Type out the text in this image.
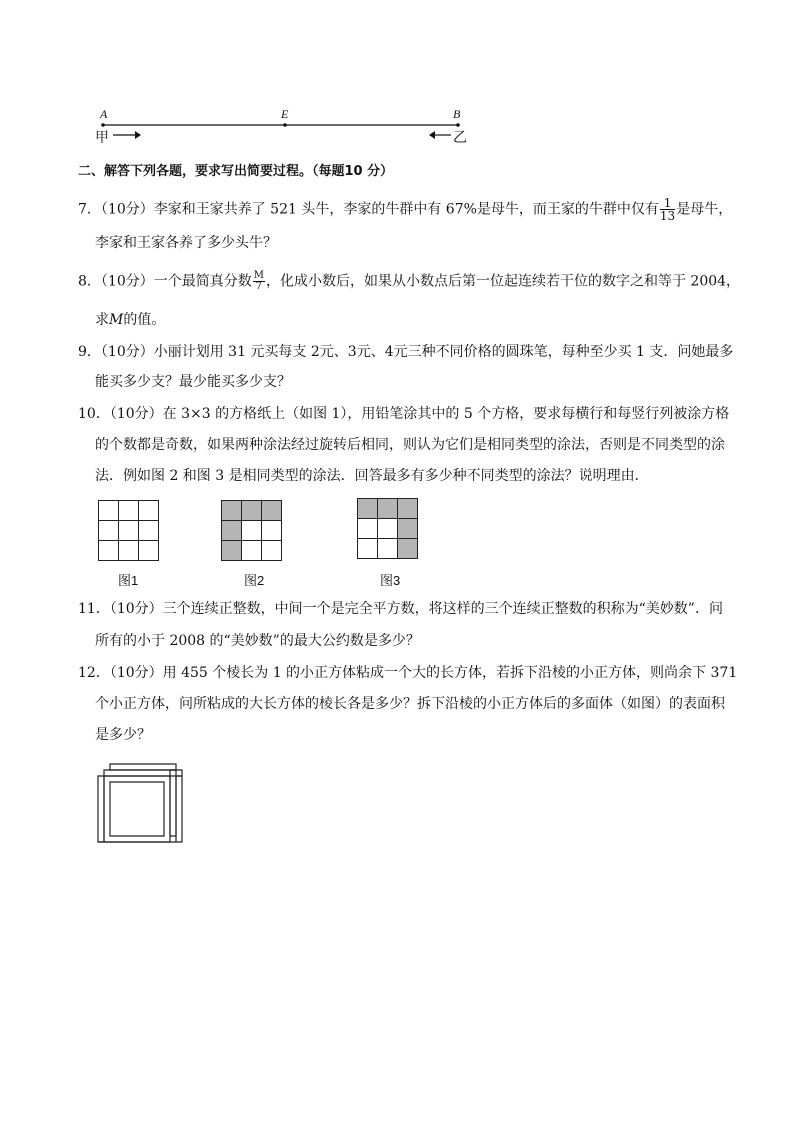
A	E	B
甲	乙
二、解答下列各题，要求写出简要过程。（每题10 分）
7．（10分）李家和王家共养了 521 头牛，李家的牛群中有 67%是母牛，而王家的牛群中仅有 $\frac{1}{13}$ 是母牛，
李家和王家各养了多少头牛？
8．（10分）一个最简真分数 $\frac{M}{7}$ ，化成小数后，如果从小数点后第一位起连续若干位的数字之和等于 2004，
求M的值。
9．（10分）小丽计划用 31 元买每支 2元、3元、4元三种不同价格的圆珠笔，每种至少买 1 支．问她最多
能买多少支？最少能买多少支？
10．（10分）在 3×3 的方格纸上（如图 1），用铅笔涂其中的 5 个方格，要求每横行和每竖行列被涂方格
的个数都是奇数，如果两种涂法经过旋转后相同，则认为它们是相同类型的涂法，否则是不同类型的涂
法．例如图 2 和图 3 是相同类型的涂法．回答最多有多少种不同类型的涂法？说明理由．

图1

			图2

			图3
11．（10分）三个连续正整数，中间一个是完全平方数，将这样的三个连续正整数的积称为“美妙数”．问
所有的小于 2008 的“美妙数”的最大公约数是多少？
12．（10分）用 455 个棱长为 1 的小正方体粘成一个大的长方体，若拆下沿棱的小正方体，则尚余下 371
个小正方体，问所粘成的大长方体的棱长各是多少？拆下沿棱的小正方体后的多面体（如图）的表面积
是多少？
